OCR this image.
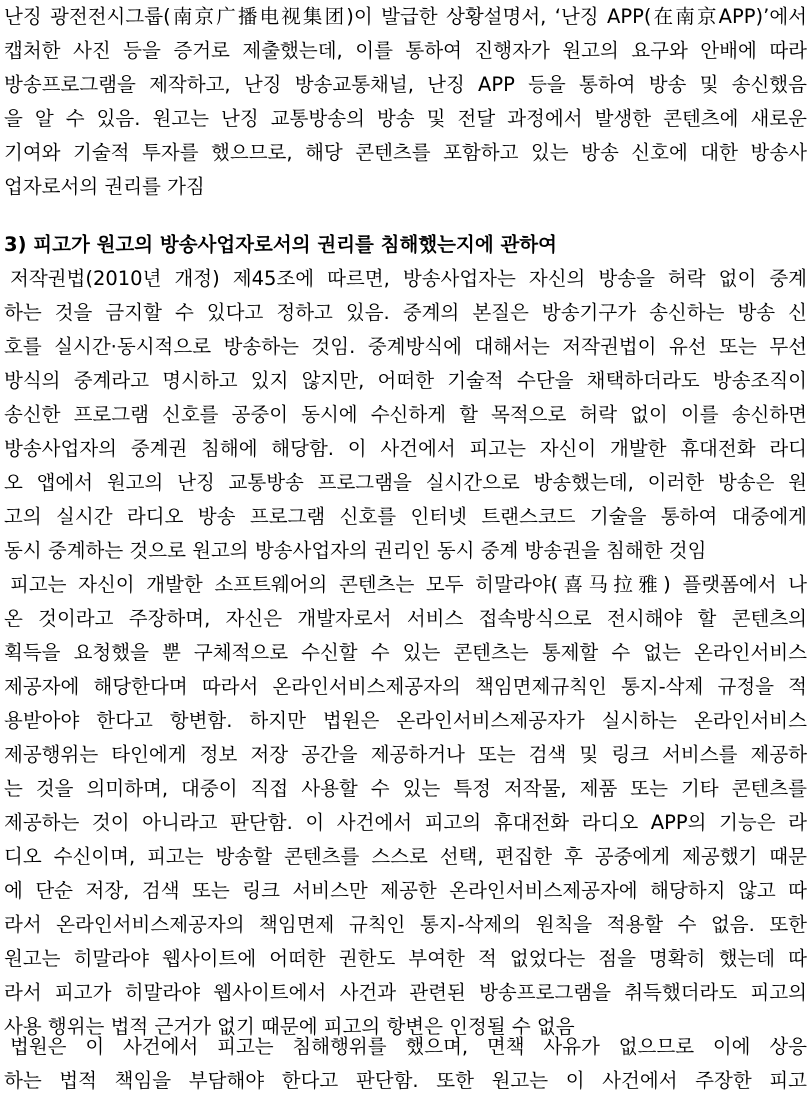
난징 광전전시그룹(南京广播电视集团)이 발급한 상황설명서, ‘난징 APP(在南京APP)’에서
캡처한 사진 등을 증거로 제출했는데, 이를 통하여 진행자가 원고의 요구와 안배에 따라
방송프로그램을 제작하고, 난징 방송교통채널, 난징 APP 등을 통하여 방송 및 송신했음
을 알 수 있음. 원고는 난징 교통방송의 방송 및 전달 과정에서 발생한 콘텐츠에 새로운
기여와 기술적 투자를 했으므로, 해당 콘텐츠를 포함하고 있는 방송 신호에 대한 방송사
업자로서의 권리를 가짐
3) 피고가 원고의 방송사업자로서의 권리를 침해했는지에 관하여
저작권법(2010년 개정) 제45조에 따르면, 방송사업자는 자신의 방송을 허락 없이 중계
하는 것을 금지할 수 있다고 정하고 있음. 중계의 본질은 방송기구가 송신하는 방송 신
호를 실시간·동시적으로 방송하는 것임. 중계방식에 대해서는 저작권법이 유선 또는 무선
방식의 중계라고 명시하고 있지 않지만, 어떠한 기술적 수단을 채택하더라도 방송조직이
송신한 프로그램 신호를 공중이 동시에 수신하게 할 목적으로 허락 없이 이를 송신하면
방송사업자의 중계권 침해에 해당함. 이 사건에서 피고는 자신이 개발한 휴대전화 라디
오 앱에서 원고의 난징 교통방송 프로그램을 실시간으로 방송했는데, 이러한 방송은 원
고의 실시간 라디오 방송 프로그램 신호를 인터넷 트랜스코드 기술을 통하여 대중에게
동시 중계하는 것으로 원고의 방송사업자의 권리인 동시 중계 방송권을 침해한 것임
피고는 자신이 개발한 소프트웨어의 콘텐츠는 모두 히말라야(喜马拉雅) 플랫폼에서 나
온 것이라고 주장하며, 자신은 개발자로서 서비스 접속방식으로 전시해야 할 콘텐츠의
획득을 요청했을 뿐 구체적으로 수신할 수 있는 콘텐츠는 통제할 수 없는 온라인서비스
제공자에 해당한다며 따라서 온라인서비스제공자의 책임면제규칙인 통지-삭제 규정을 적
용받아야 한다고 항변함. 하지만 법원은 온라인서비스제공자가 실시하는 온라인서비스
제공행위는 타인에게 정보 저장 공간을 제공하거나 또는 검색 및 링크 서비스를 제공하
는 것을 의미하며, 대중이 직접 사용할 수 있는 특정 저작물, 제품 또는 기타 콘텐츠를
제공하는 것이 아니라고 판단함. 이 사건에서 피고의 휴대전화 라디오 APP의 기능은 라
디오 수신이며, 피고는 방송할 콘텐츠를 스스로 선택, 편집한 후 공중에게 제공했기 때문
에 단순 저장, 검색 또는 링크 서비스만 제공한 온라인서비스제공자에 해당하지 않고 따
라서 온라인서비스제공자의 책임면제 규칙인 통지-삭제의 원칙을 적용할 수 없음. 또한
원고는 히말라야 웹사이트에 어떠한 권한도 부여한 적 없었다는 점을 명확히 했는데 따
라서 피고가 히말라야 웹사이트에서 사건과 관련된 방송프로그램을 취득했더라도 피고의
사용 행위는 법적 근거가 없기 때문에 피고의 항변은 인정될 수 없음
법원은 이 사건에서 피고는 침해행위를 했으며, 면책 사유가 없으므로 이에 상응
하는 법적 책임을 부담해야 한다고 판단함. 또한 원고는 이 사건에서 주장한 피고
